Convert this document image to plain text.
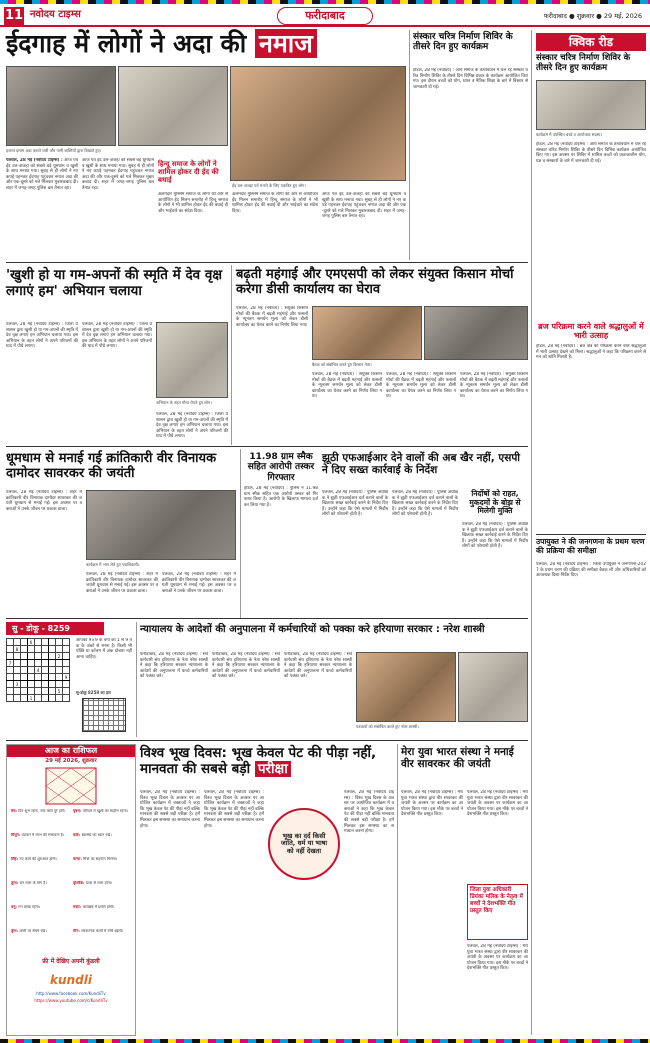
11 नवोदय टाइम्स	फरीदाबाद	फरीदाबाद ● शुक्रवार ● 29 मई, 2026
ईदगाह में लोगों ने अदा की नमाज
हजरत इमाम अदा कराते धारी और पानी बाल्टियों द्वारा दिखाते हुए।
पलवल, 28 मई (नवोदय टाइम्स) : आज पर्व ईद उल-अजहा को सबसे बड़े धूमधाम व खुशी के साथ मनाया गया। सुबह से ही लोगों ने नए कपड़े पहनकर ईदगाह पहुंचकर नमाज अदा की और एक-दूसरे को गले मिलकर मुबारकबाद दी। शहर में जगह-जगह पुलिस बल तैनात रहा।
आज पर्व ईद उल-अजहा को सबसे बड़े धूमधाम व खुशी के साथ मनाया गया। सुबह से ही लोगों ने नए कपड़े पहनकर ईदगाह पहुंचकर नमाज अदा की और एक-दूसरे को गले मिलकर मुबारकबाद दी। शहर में जगह-जगह पुलिस बल तैनात रहा।
हिन्दू समाज के लोगों ने शामिल होकर दी ईद की बधाई
अलमदार मुस्लिम समाज के लोगों की ओर से आयोजित ईद मिलन समारोह में हिन्दू समाज के लोगों ने भी शामिल होकर ईद की बधाई दी और भाईचारे का संदेश दिया।
ईद उल-अजहा पर्व मनाने के लिए एकत्रित हुए लोग।
अलमदार मुस्लिम समाज के लोगों की ओर से आयोजित ईद मिलन समारोह में हिन्दू समाज के लोगों ने भी शामिल होकर ईद की बधाई दी और भाईचारे का संदेश दिया।
आज पर्व ईद उल-अजहा को सबसे बड़े धूमधाम व खुशी के साथ मनाया गया। सुबह से ही लोगों ने नए कपड़े पहनकर ईदगाह पहुंचकर नमाज अदा की और एक-दूसरे को गले मिलकर मुबारकबाद दी। शहर में जगह-जगह पुलिस बल तैनात रहा।
संस्कार चरित्र निर्माण शिविर के तीसरे दिन हुए कार्यक्रम
होडल, 28 मई (नवोदय) : आर्य समाज के तत्वावधान में चल रहे संस्कार चरित्र निर्माण शिविर के तीसरे दिन विभिन्न प्रकार के कार्यक्रम आयोजित किए गए। इस दौरान बच्चों को योग, ध्यान व नैतिक शिक्षा के बारे में विस्तार से जानकारी दी गई।
क्विक रीड
संस्कार चरित्र निर्माण शिविर के तीसरे दिन हुए कार्यक्रम
कार्यक्रम में उपस्थित बच्चे व आयोजक सदस्य।
होडल, 28 मई (नवोदय टाइम्स) : आर्य समाज के तत्वावधान में चल रहे संस्कार चरित्र निर्माण शिविर के तीसरे दिन विभिन्न कार्यक्रम आयोजित किए गए। इस अवसर पर शिविर में शामिल बच्चों को प्रातःकालीन योग, यज्ञ व संस्कारों के बारे में जानकारी दी गई।
ब्रज परिक्रमा करने वाले श्रद्धालुओं में भारी उत्साह
होडल, 28 मई (नवोदय) : ब्रज क्षेत्र की परिक्रमा करने वाले श्रद्धालुओं में भारी उत्साह देखने को मिला। श्रद्धालुओं ने कहा कि परिक्रमा करने से मन को शांति मिलती है।
उपायुक्त ने की जनगणना के प्रथम चरण की प्रक्रिया की समीक्षा
पलवल, 28 मई (नवोदय टाइम्स) : जिला उपायुक्त ने जनगणना-2027 के प्रथम चरण की प्रक्रिया की समीक्षा बैठक ली और अधिकारियों को आवश्यक दिशा-निर्देश दिए।
'खुशी हो या गम-अपनों की स्मृति में देव वृक्ष लगाएं हम' अभियान चलाया
पलवल, 28 मई (नवोदय टाइम्स) : जिला प्रशासन द्वारा खुशी हो या गम-अपनों की स्मृति में देव वृक्ष लगाएं हम अभियान चलाया गया। इस अभियान के तहत लोगों ने अपने परिजनों की याद में पौधे लगाए।
पलवल, 28 मई (नवोदय टाइम्स) : जिला प्रशासन द्वारा खुशी हो या गम-अपनों की स्मृति में देव वृक्ष लगाएं हम अभियान चलाया गया। इस अभियान के तहत लोगों ने अपने परिजनों की याद में पौधे लगाए।
अभियान के तहत पौधा रोपते हुए लोग।
पलवल, 28 मई (नवोदय टाइम्स) : जिला प्रशासन द्वारा खुशी हो या गम-अपनों की स्मृति में देव वृक्ष लगाएं हम अभियान चलाया गया। इस अभियान के तहत लोगों ने अपने परिजनों की याद में पौधे लगाए।
बढ़ती महंगाई और एमएसपी को लेकर संयुक्त किसान मोर्चा करेगा डीसी कार्यालय का घेराव
पलवल, 28 मई (नवोदय) : संयुक्त किसान मोर्चा की बैठक में बढ़ती महंगाई और फसलों के न्यूनतम समर्थन मूल्य को लेकर डीसी कार्यालय का घेराव करने का निर्णय लिया गया।
बैठक को संबोधित करते हुए किसान नेता।
पलवल, 28 मई (नवोदय) : संयुक्त किसान मोर्चा की बैठक में बढ़ती महंगाई और फसलों के न्यूनतम समर्थन मूल्य को लेकर डीसी कार्यालय का घेराव करने का निर्णय लिया गया।
पलवल, 28 मई (नवोदय) : संयुक्त किसान मोर्चा की बैठक में बढ़ती महंगाई और फसलों के न्यूनतम समर्थन मूल्य को लेकर डीसी कार्यालय का घेराव करने का निर्णय लिया गया।
पलवल, 28 मई (नवोदय) : संयुक्त किसान मोर्चा की बैठक में बढ़ती महंगाई और फसलों के न्यूनतम समर्थन मूल्य को लेकर डीसी कार्यालय का घेराव करने का निर्णय लिया गया।
धूमधाम से मनाई गई क्रांतिकारी वीर विनायक दामोदर सावरकर की जयंती
पलवल, 28 मई (नवोदय टाइम्स) : शहर में क्रांतिकारी वीर विनायक दामोदर सावरकर की जयंती धूमधाम से मनाई गई। इस अवसर पर वक्ताओं ने उनके जीवन पर प्रकाश डाला।
कार्यक्रम में भाग लेते हुए पदाधिकारी।
पलवल, 28 मई (नवोदय टाइम्स) : शहर में क्रांतिकारी वीर विनायक दामोदर सावरकर की जयंती धूमधाम से मनाई गई। इस अवसर पर वक्ताओं ने उनके जीवन पर प्रकाश डाला।
पलवल, 28 मई (नवोदय टाइम्स) : शहर में क्रांतिकारी वीर विनायक दामोदर सावरकर की जयंती धूमधाम से मनाई गई। इस अवसर पर वक्ताओं ने उनके जीवन पर प्रकाश डाला।
11.98 ग्राम स्मैक सहित आरोपी तस्कर गिरफ्तार
होडल, 28 मई (नवोदय) : पुलिस ने 11.98 ग्राम स्मैक सहित एक आरोपी तस्कर को गिरफ्तार किया है। आरोपी के खिलाफ मामला दर्ज कर लिया गया है।
झूठी एफआईआर देने वालों की अब खैर नहीं, एसपी ने दिए सख्त कार्रवाई के निर्देश
पलवल, 28 मई (नवोदय) : पुलिस अधीक्षक ने झूठी एफआईआर दर्ज कराने वालों के खिलाफ सख्त कार्रवाई करने के निर्देश दिए हैं। उन्होंने कहा कि ऐसे मामलों में निर्दोष लोगों को परेशानी होती है।
पलवल, 28 मई (नवोदय) : पुलिस अधीक्षक ने झूठी एफआईआर दर्ज कराने वालों के खिलाफ सख्त कार्रवाई करने के निर्देश दिए हैं। उन्होंने कहा कि ऐसे मामलों में निर्दोष लोगों को परेशानी होती है।
निर्दोषों को राहत, मुकदमों के बोझ से मिलेगी मुक्ति
पलवल, 28 मई (नवोदय) : पुलिस अधीक्षक ने झूठी एफआईआर दर्ज कराने वालों के खिलाफ सख्त कार्रवाई करने के निर्देश दिए हैं। उन्होंने कहा कि ऐसे मामलों में निर्दोष लोगों को परेशानी होती है।
सु - डोकू - 8259
			6					
	8							
							2	
7								
				4				
								9
	3							
							5	
			1					
आपको 9×9 के वर्गों को 1 से 9 तक के अंकों से भरना है। किसी भी पंक्ति या कॉलम में अंक दोबारा नहीं आना चाहिए।
सु-डोकू 8258 का हल
न्यायालय के आदेशों की अनुपालना में कर्मचारियों को पक्का करे हरियाणा सरकार : नरेश शास्त्री
फरीदाबाद, 28 मई (नवोदय टाइम्स) : सर्व कर्मचारी संघ हरियाणा के नेता नरेश शास्त्री ने कहा कि हरियाणा सरकार न्यायालय के आदेशों की अनुपालना में कच्चे कर्मचारियों को पक्का करे।
फरीदाबाद, 28 मई (नवोदय टाइम्स) : सर्व कर्मचारी संघ हरियाणा के नेता नरेश शास्त्री ने कहा कि हरियाणा सरकार न्यायालय के आदेशों की अनुपालना में कच्चे कर्मचारियों को पक्का करे।
फरीदाबाद, 28 मई (नवोदय टाइम्स) : सर्व कर्मचारी संघ हरियाणा के नेता नरेश शास्त्री ने कहा कि हरियाणा सरकार न्यायालय के आदेशों की अनुपालना में कच्चे कर्मचारियों को पक्का करे।
पत्रकारों को संबोधित करते हुए नरेश शास्त्री।
आज का राशिफल
29 मई 2026, शुक्रवार
मेष: दिन शुभ रहेगा, रुके कार्य पूरे होंगे।	वृषभ: परिवार में खुशी का माहौल रहेगा।
मिथुन: व्यापार में लाभ की संभावना है।	कर्क: स्वास्थ्य का ध्यान रखें।
सिंह: नए कार्य की शुरुआत होगी।	कन्या: मित्रों का सहयोग मिलेगा।
तुला: धन लाभ के योग हैं।	वृश्चिक: यात्रा से लाभ होगा।
धनु: मन प्रसन्न रहेगा।	मकर: कार्यक्षेत्र में प्रगति होगी।
कुंभ: वाणी पर संयम रखें।	मीन: रचनात्मक कार्यों में रुचि बढ़ेगी।
फ्री में देखिए अपनी कुंडली
kundli
http://www.facebook.com/KundliTv
https://www.youtube.com/c/KundliTv
विश्व भूख दिवस: भूख केवल पेट की पीड़ा नहीं, मानवता की सबसे बड़ी परीक्षा
पलवल, 28 मई (नवोदय टाइम्स) : विश्व भूख दिवस के अवसर पर आयोजित कार्यक्रम में वक्ताओं ने कहा कि भूख केवल पेट की पीड़ा नहीं बल्कि मानवता की सबसे बड़ी परीक्षा है। हमें मिलकर इस समस्या का समाधान करना होगा।
पलवल, 28 मई (नवोदय टाइम्स) : विश्व भूख दिवस के अवसर पर आयोजित कार्यक्रम में वक्ताओं ने कहा कि भूख केवल पेट की पीड़ा नहीं बल्कि मानवता की सबसे बड़ी परीक्षा है। हमें मिलकर इस समस्या का समाधान करना होगा।
भूख का दर्द किसी जाति, धर्म या भाषा को नहीं देखता
पलवल, 28 मई (नवोदय टाइम्स) : विश्व भूख दिवस के अवसर पर आयोजित कार्यक्रम में वक्ताओं ने कहा कि भूख केवल पेट की पीड़ा नहीं बल्कि मानवता की सबसे बड़ी परीक्षा है। हमें मिलकर इस समस्या का समाधान करना होगा।
मेरा युवा भारत संस्था ने मनाई वीर सावरकर की जयंती
पलवल, 28 मई (नवोदय टाइम्स) : मेरा युवा भारत संस्था द्वारा वीर सावरकर की जयंती के अवसर पर कार्यक्रम का आयोजन किया गया। इस मौके पर बच्चों ने देशभक्ति गीत प्रस्तुत किए।
जिला युवा अधिकारी प्रियंका मलिक के नेतृत्व में बच्चों ने देशभक्ति गीत प्रस्तुत किए
पलवल, 28 मई (नवोदय टाइम्स) : मेरा युवा भारत संस्था द्वारा वीर सावरकर की जयंती के अवसर पर कार्यक्रम का आयोजन किया गया। इस मौके पर बच्चों ने देशभक्ति गीत प्रस्तुत किए।
पलवल, 28 मई (नवोदय टाइम्स) : मेरा युवा भारत संस्था द्वारा वीर सावरकर की जयंती के अवसर पर कार्यक्रम का आयोजन किया गया। इस मौके पर बच्चों ने देशभक्ति गीत प्रस्तुत किए।
